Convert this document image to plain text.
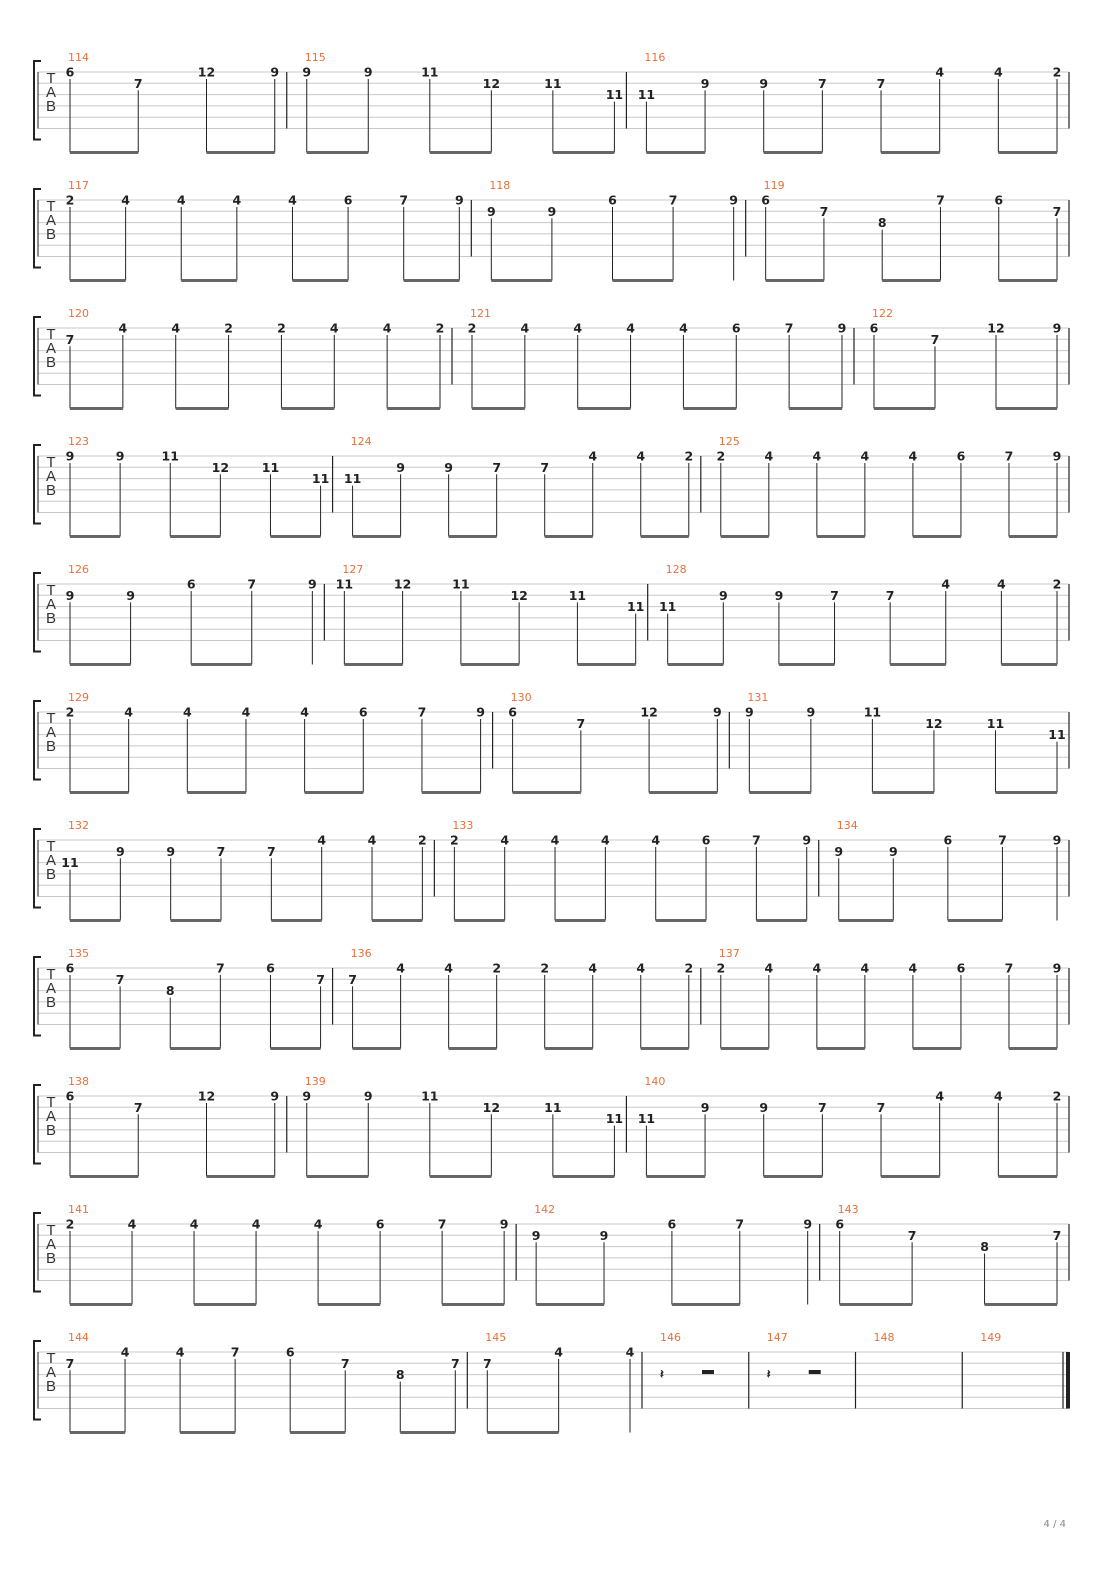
T
A
B
114
6
7
12	9
115
9	9	11
12	11
11
116
11
9	9	7	7
4	4	2
T
A
B
117
2	4	4	4	4	6	7	9
118
9	9
6	7	9
119
6
7
8
7	6
7
T
A
B
120
7
4	4	2	2	4	4	2
121
2	4	4	4	4	6	7	9
122
6
7
12	9
T
A
B
123
9	9	11
12	11
11
124
11
9	9	7	7
4	4	2
125
2	4	4	4	4	6	7	9
T
A
B
126
9	9
6	7	9
127
11	12	11
12	11
11
128
11
9	9	7	7
4	4	2
T
A
B
129
2	4	4	4	4	6	7	9
130
6
7
12	9
131
9	9	11
12	11
11
T
A
B
132
11
9	9	7	7
4	4	2
133
2	4	4	4	4	6	7	9
134
9	9
6	7	9
T
A
B
135
6
7
8
7	6
7
136
7
4	4	2	2	4	4	2
137
2	4	4	4	4	6	7	9
T
A
B
138
6
7
12	9
139
9	9	11
12	11
11
140
11
9	9	7	7
4	4	2
T
A
B
141
2	4	4	4	4	6	7	9
142
9	9
6	7	9
143
6
7
8
7
T
A
B
144
7
4	4	7	6
7
8
7
145
7
4	4
146
𝄽
147
𝄽
148	149
4 / 4
